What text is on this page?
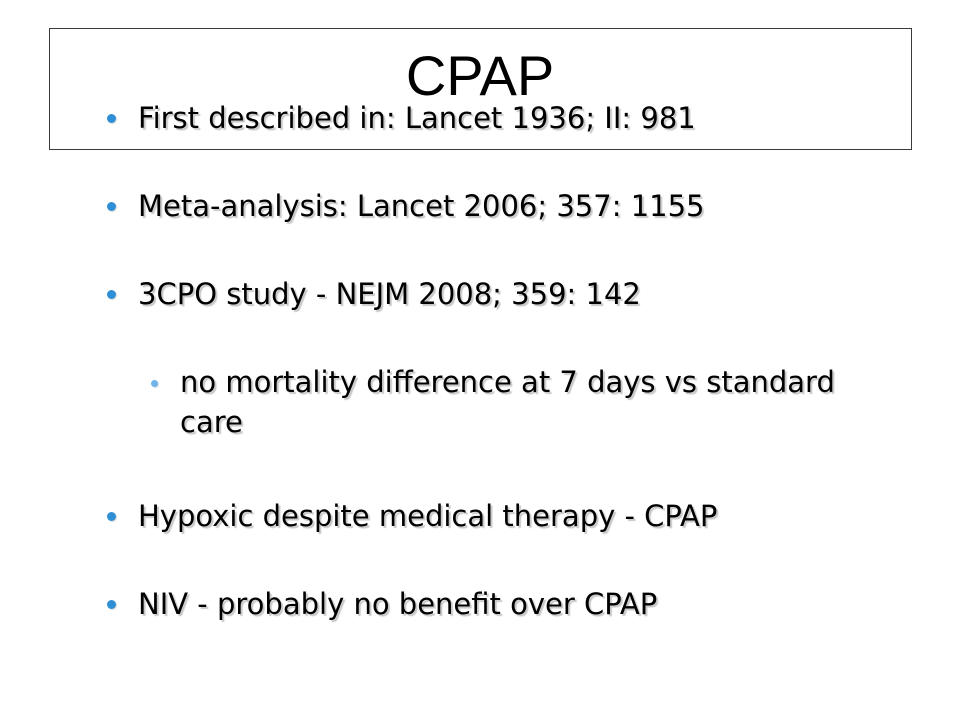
CPAP
First described in: Lancet 1936; II: 981
Meta-analysis: Lancet 2006; 357: 1155
3CPO study - NEJM 2008; 359: 142
no mortality difference at 7 days vs standard care
Hypoxic despite medical therapy - CPAP
NIV - probably no benefit over CPAP
